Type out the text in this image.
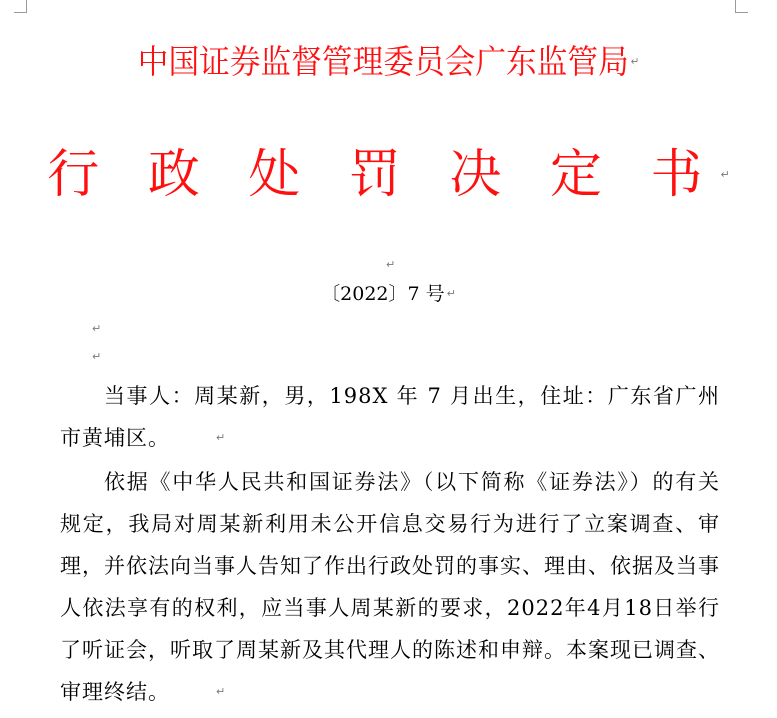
中国证券监督管理委员会广东监管局 ↵
行 政 处 罚 决 定 书 ↵
↵
〔2022〕7 号 ↵
↵
↵
当事人：周某新，男，198X 年 7 月出生，住址：广东省广州市黄埔区。	↵
依据《中华人民共和国证券法》（以下简称《证券法》）的有关规定，我局对周某新利用未公开信息交易行为进行了立案调查、审理，并依法向当事人告知了作出行政处罚的事实、理由、依据及当事人依法享有的权利，应当事人周某新的要求，2022年4月18日举行了听证会，听取了周某新及其代理人的陈述和申辩。本案现已调查、审理终结。	↵
